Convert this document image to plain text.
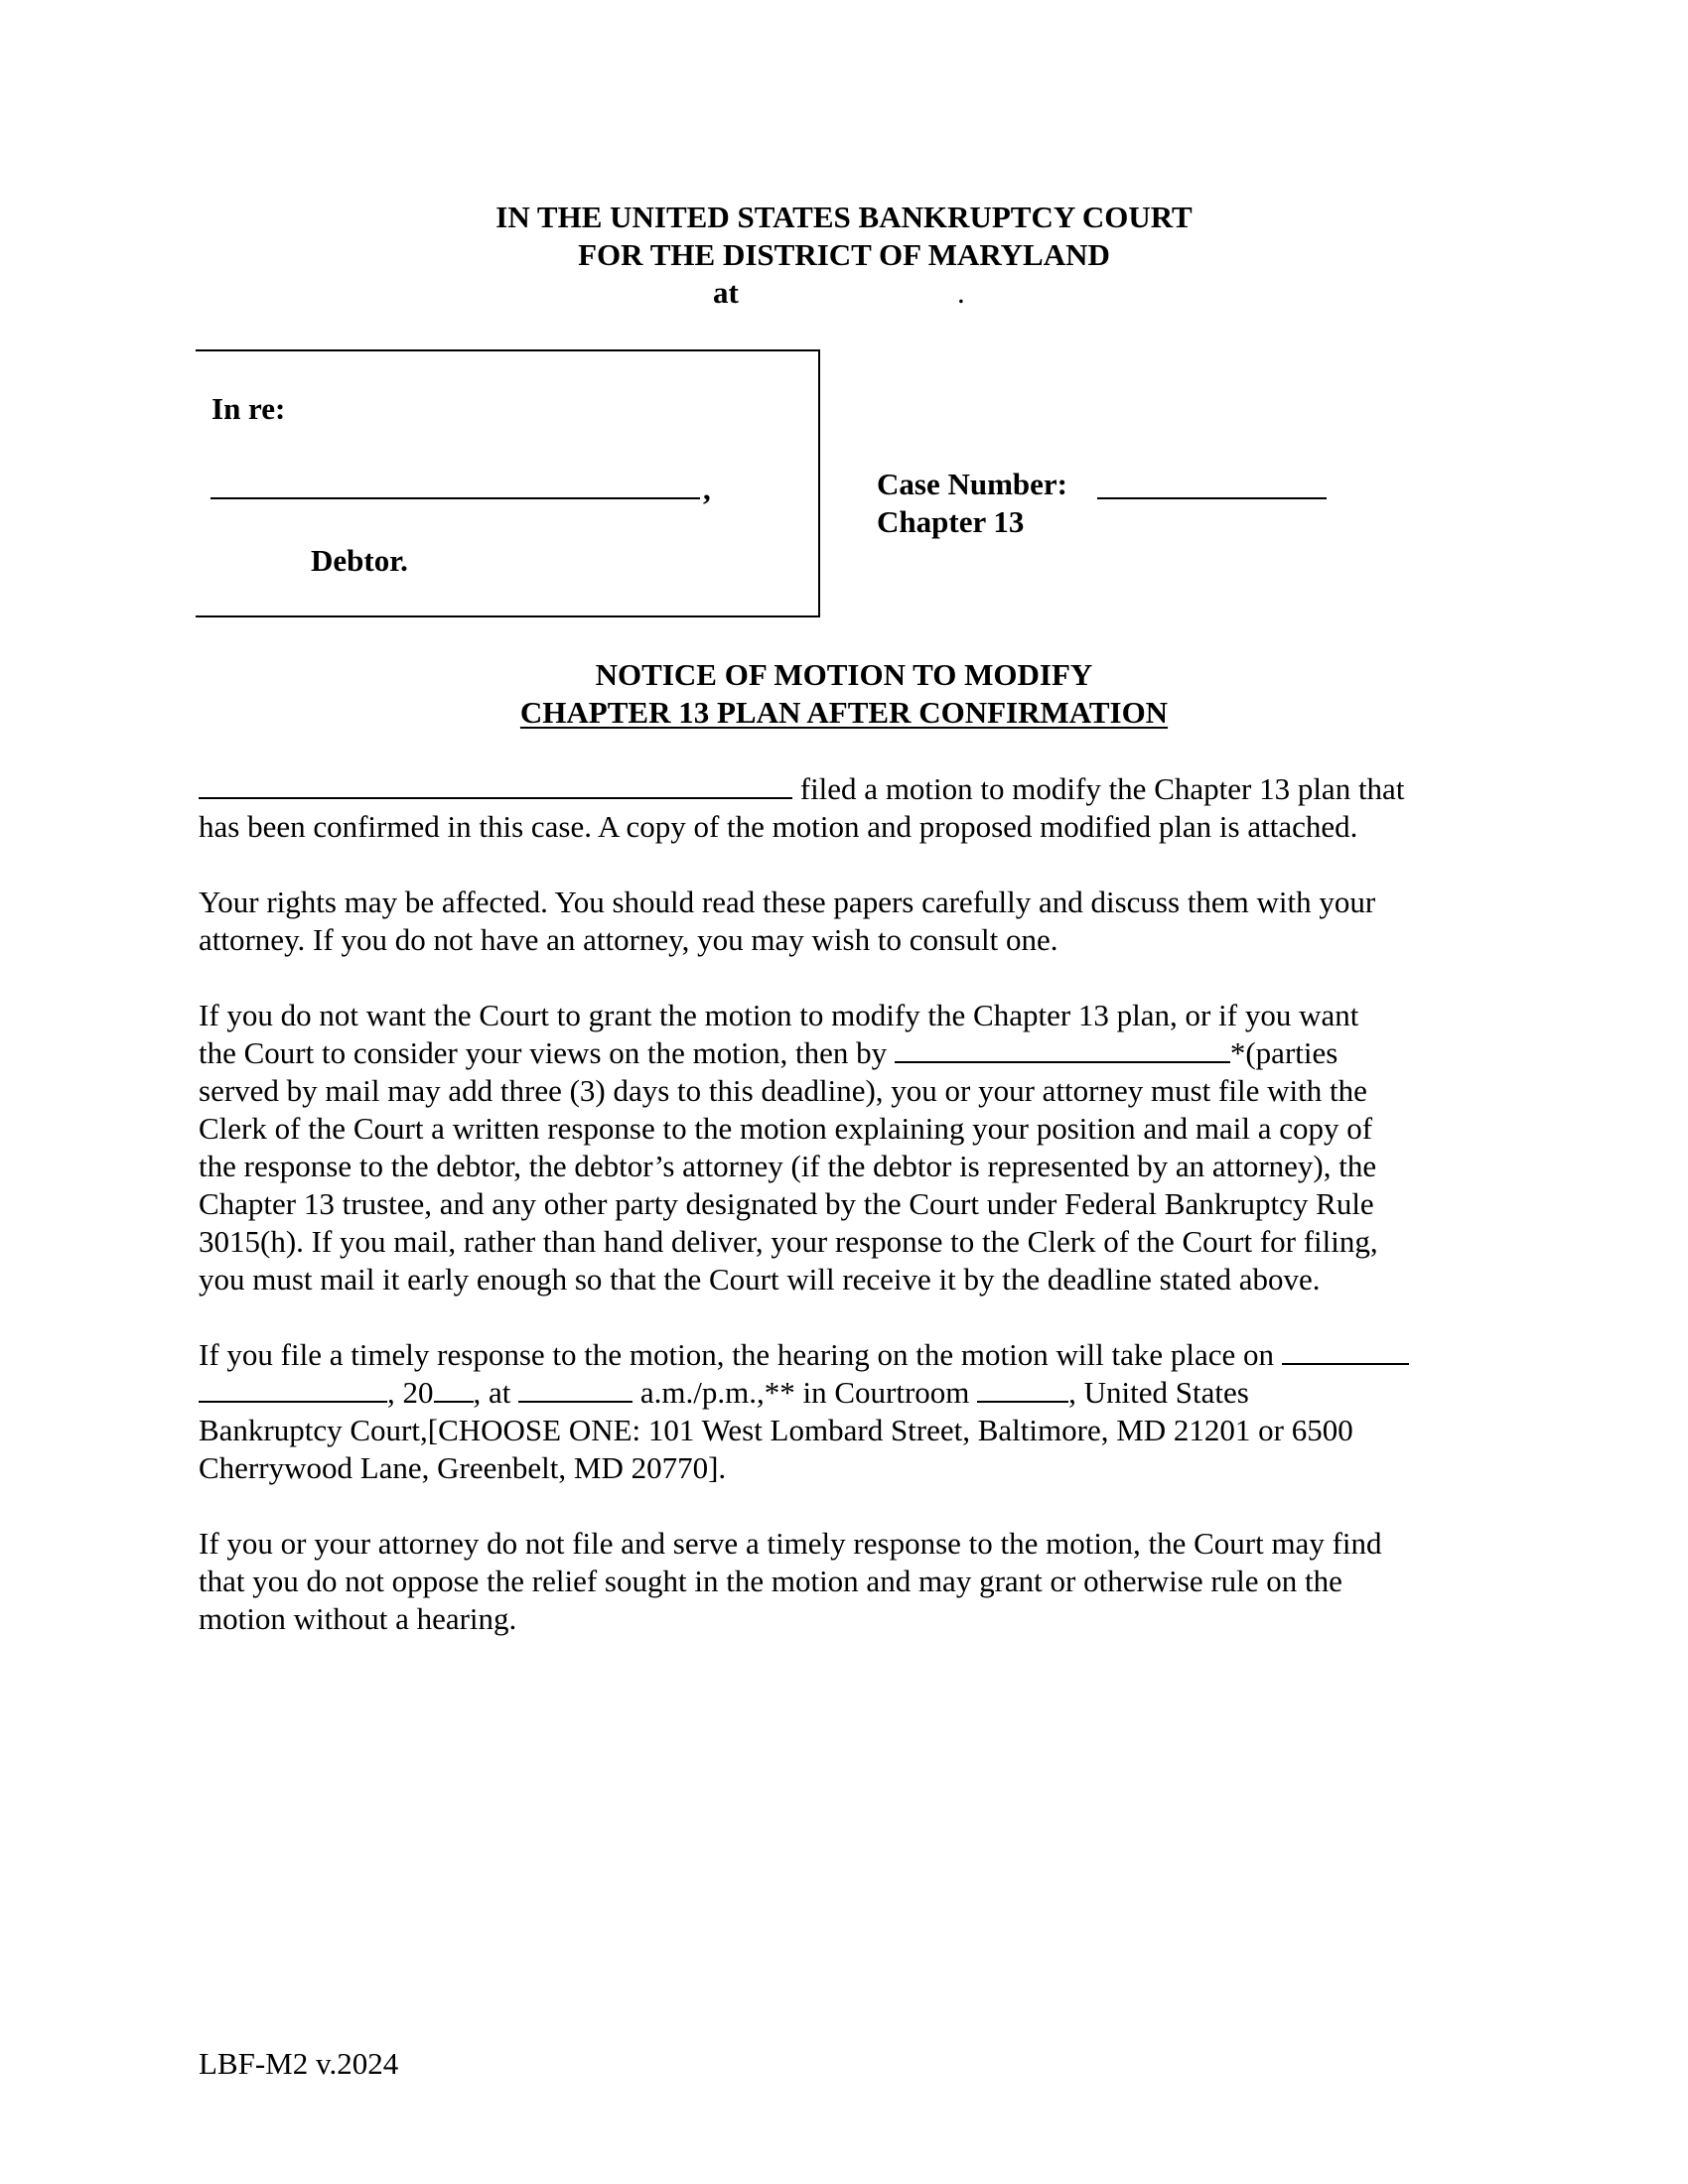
IN THE UNITED STATES BANKRUPTCY COURT
FOR THE DISTRICT OF MARYLAND
at	.
In re:
,
Debtor.
Case Number:
Chapter 13
NOTICE OF MOTION TO MODIFY
CHAPTER 13 PLAN AFTER CONFIRMATION

filed a motion to modify the Chapter 13 plan that

has been confirmed in this case. A copy of the motion and proposed modified plan is attached.

Your rights may be affected. You should read these papers carefully and discuss them with your

attorney. If you do not have an attorney, you may wish to consult one.

If you do not want the Court to grant the motion to modify the Chapter 13 plan, or if you want

the Court to consider your views on the motion, then by	*(parties

served by mail may add three (3) days to this deadline), you or your attorney must file with the

Clerk of the Court a written response to the motion explaining your position and mail a copy of

the response to the debtor, the debtor’s attorney (if the debtor is represented by an attorney), the

Chapter 13 trustee, and any other party designated by the Court under Federal Bankruptcy Rule

3015(h). If you mail, rather than hand deliver, your response to the Clerk of the Court for filing,

you must mail it early enough so that the Court will receive it by the deadline stated above.

If you file a timely response to the motion, the hearing on the motion will take place on

, 20 , at	a.m./p.m.,** in Courtroom	, United States

Bankruptcy Court,[CHOOSE ONE: 101 West Lombard Street, Baltimore, MD 21201 or 6500

Cherrywood Lane, Greenbelt, MD 20770].

If you or your attorney do not file and serve a timely response to the motion, the Court may find

that you do not oppose the relief sought in the motion and may grant or otherwise rule on the

motion without a hearing.

LBF-M2 v.2024
